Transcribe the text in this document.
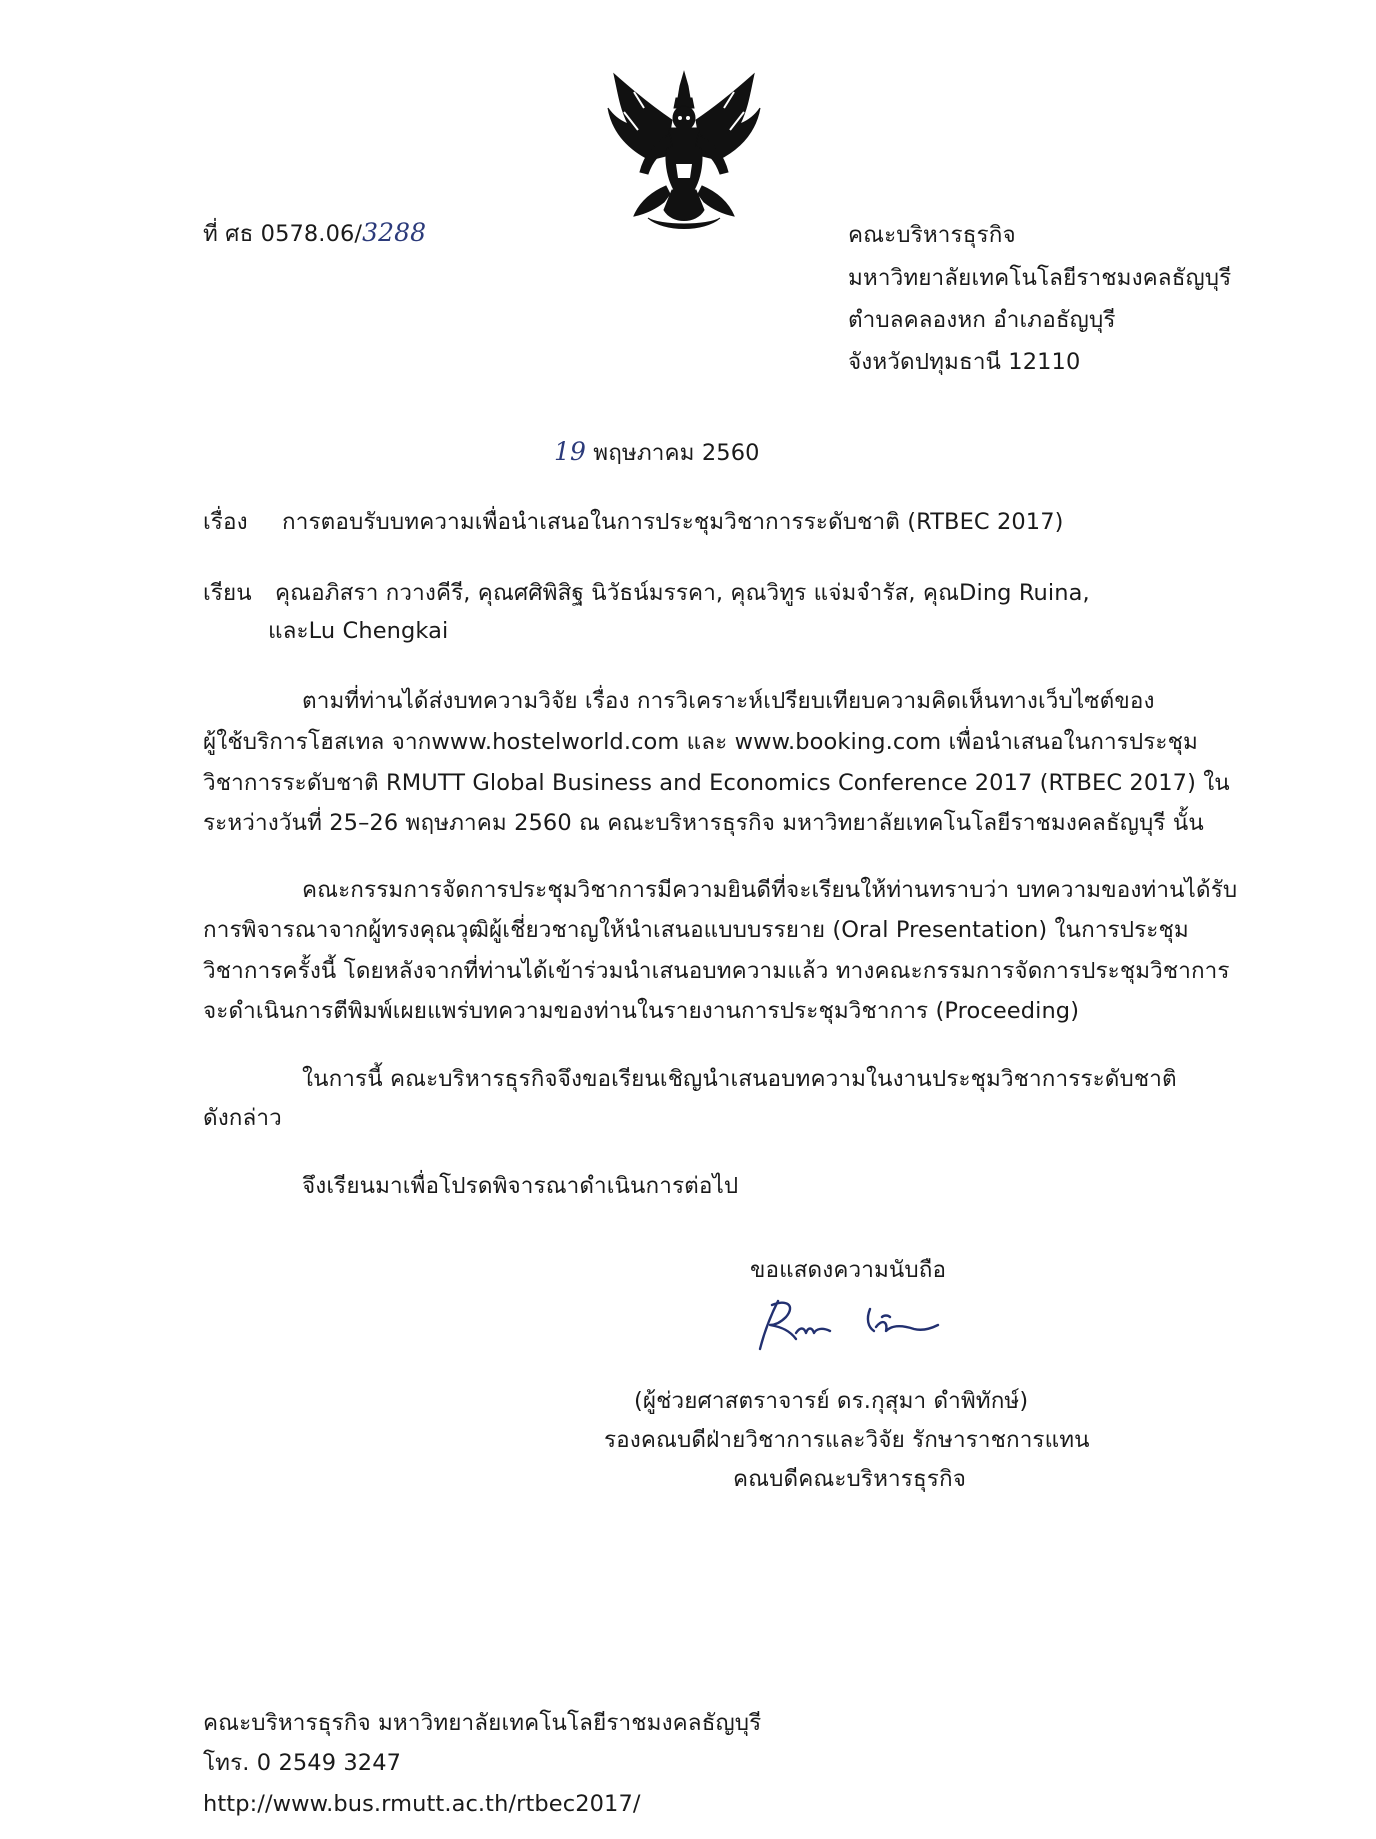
ที่ ศธ 0578.06/3288	คณะบริหารธุรกิจ
มหาวิทยาลัยเทคโนโลยีราชมงคลธัญบุรี
ตำบลคลองหก อำเภอธัญบุรี
จังหวัดปทุมธานี 12110
19 พฤษภาคม 2560
เรื่อง การตอบรับบทความเพื่อนำเสนอในการประชุมวิชาการระดับชาติ (RTBEC 2017)
เรียน คุณอภิสรา กวางคีรี, คุณศศิพิสิฐ นิวัธน์มรรคา, คุณวิทูร แจ่มจำรัส, คุณDing Ruina,
และLu Chengkai
ตามที่ท่านได้ส่งบทความวิจัย เรื่อง การวิเคราะห์เปรียบเทียบความคิดเห็นทางเว็บไซต์ของ
ผู้ใช้บริการโฮสเทล จากwww.hostelworld.com และ www.booking.com เพื่อนำเสนอในการประชุม
วิชาการระดับชาติ RMUTT Global Business and Economics Conference 2017 (RTBEC 2017) ใน
ระหว่างวันที่ 25–26 พฤษภาคม 2560 ณ คณะบริหารธุรกิจ มหาวิทยาลัยเทคโนโลยีราชมงคลธัญบุรี นั้น
คณะกรรมการจัดการประชุมวิชาการมีความยินดีที่จะเรียนให้ท่านทราบว่า บทความของท่านได้รับ
การพิจารณาจากผู้ทรงคุณวุฒิผู้เชี่ยวชาญให้นำเสนอแบบบรรยาย (Oral Presentation) ในการประชุม
วิชาการครั้งนี้ โดยหลังจากที่ท่านได้เข้าร่วมนำเสนอบทความแล้ว ทางคณะกรรมการจัดการประชุมวิชาการ
จะดำเนินการตีพิมพ์เผยแพร่บทความของท่านในรายงานการประชุมวิชาการ (Proceeding)
ในการนี้ คณะบริหารธุรกิจจึงขอเรียนเชิญนำเสนอบทความในงานประชุมวิชาการระดับชาติ
ดังกล่าว
จึงเรียนมาเพื่อโปรดพิจารณาดำเนินการต่อไป
ขอแสดงความนับถือ
(ผู้ช่วยศาสตราจารย์ ดร.กุสุมา ดำพิทักษ์)
รองคณบดีฝ่ายวิชาการและวิจัย รักษาราชการแทน
คณบดีคณะบริหารธุรกิจ
คณะบริหารธุรกิจ มหาวิทยาลัยเทคโนโลยีราชมงคลธัญบุรี
โทร. 0 2549 3247
http://www.bus.rmutt.ac.th/rtbec2017/
